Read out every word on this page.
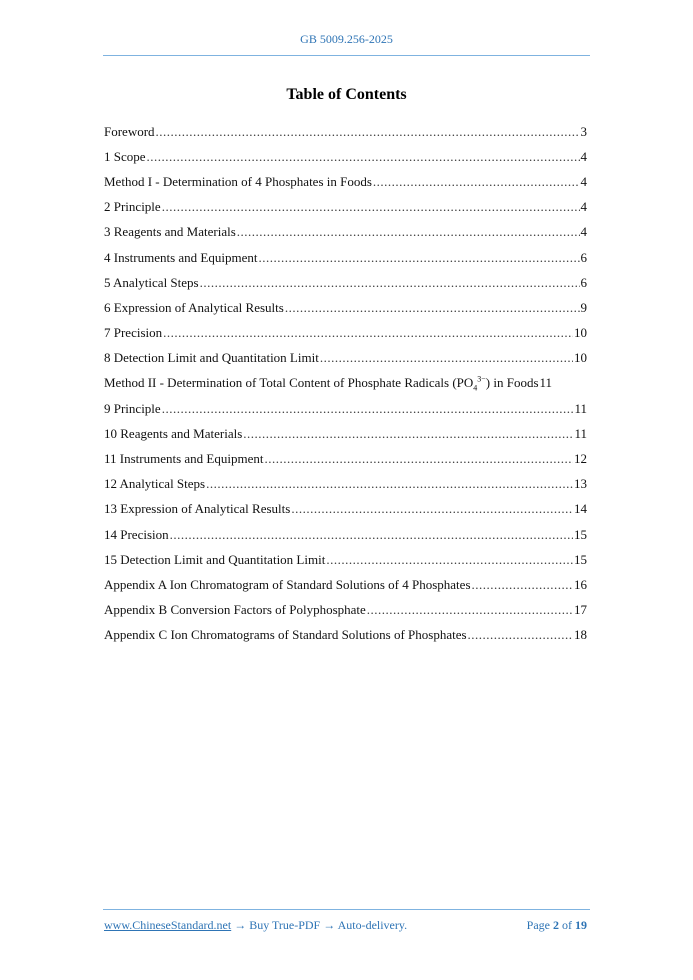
GB 5009.256-2025
Table of Contents
Foreword .....	3
1 Scope .....	4
Method I - Determination of 4 Phosphates in Foods .....	4
2 Principle .....	4
3 Reagents and Materials .....	4
4 Instruments and Equipment .....	6
5 Analytical Steps .....	6
6 Expression of Analytical Results .....	9
7 Precision .....	10
8 Detection Limit and Quantitation Limit .....	10
Method II - Determination of Total Content of Phosphate Radicals $(PO_4^{3-})$ in Foods 11
9 Principle .....	11
10 Reagents and Materials .....	11
11 Instruments and Equipment .....	12
12 Analytical Steps .....	13
13 Expression of Analytical Results .....	14
14 Precision .....	15
15 Detection Limit and Quantitation Limit .....	15
Appendix A Ion Chromatogram of Standard Solutions of 4 Phosphates .....	16
Appendix B Conversion Factors of Polyphosphate .....	17
Appendix C Ion Chromatograms of Standard Solutions of Phosphates .....	18
www.ChineseStandard.net → Buy True-PDF → Auto-delivery.	Page 2 of 19
